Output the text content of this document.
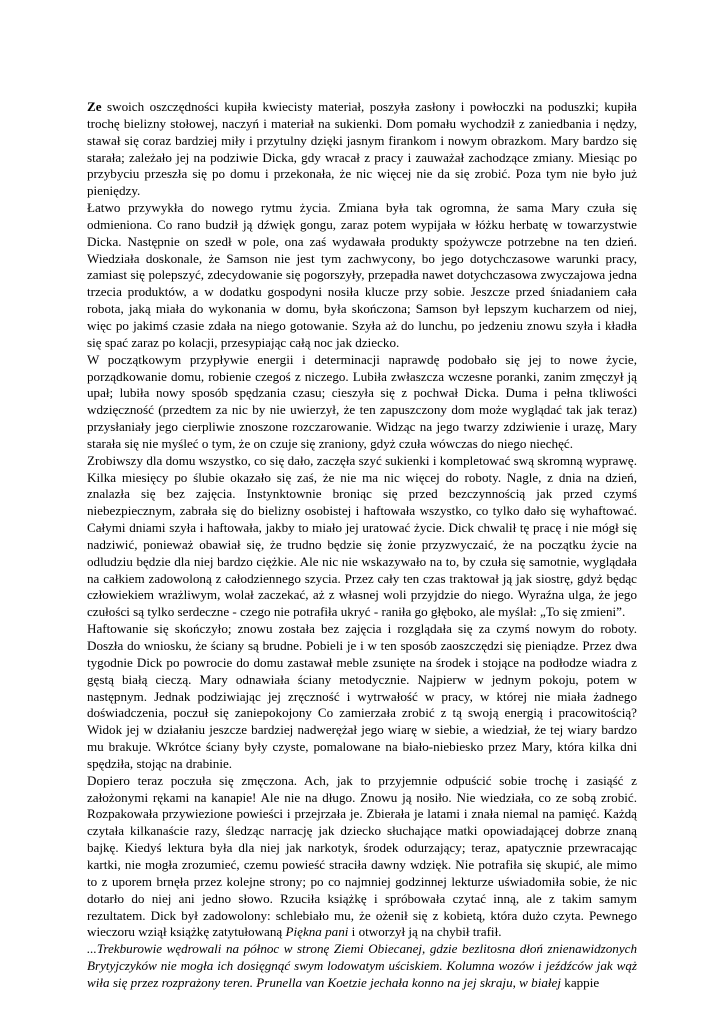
Ze swoich oszczędności kupiła kwiecisty materiał, poszyła zasłony i powłoczki na poduszki; kupiła trochę bielizny stołowej, naczyń i materiał na sukienki. Dom pomału wychodził z zaniedbania i nędzy, stawał się coraz bardziej miły i przytulny dzięki jasnym firankom i nowym obrazkom. Mary bardzo się starała; zależało jej na podziwie Dicka, gdy wracał z pracy i zauważał zachodzące zmiany. Miesiąc po przybyciu przeszła się po domu i przekonała, że nic więcej nie da się zrobić. Poza tym nie było już pieniędzy.

Łatwo przywykła do nowego rytmu życia. Zmiana była tak ogromna, że sama Mary czuła się odmieniona. Co rano budził ją dźwięk gongu, zaraz potem wypijała w łóżku herbatę w towarzystwie Dicka. Następnie on szedł w pole, ona zaś wydawała produkty spożywcze potrzebne na ten dzień. Wiedziała doskonale, że Samson nie jest tym zachwycony, bo jego dotychczasowe warunki pracy, zamiast się polepszyć, zdecydowanie się pogorszyły, przepadła nawet dotychczasowa zwyczajowa jedna trzecia produktów, a w dodatku gospodyni nosiła klucze przy sobie. Jeszcze przed śniadaniem cała robota, jaką miała do wykonania w domu, była skończona; Samson był lepszym kucharzem od niej, więc po jakimś czasie zdała na niego gotowanie. Szyła aż do lunchu, po jedzeniu znowu szyła i kładła się spać zaraz po kolacji, przesypiając całą noc jak dziecko.

W początkowym przypływie energii i determinacji naprawdę podobało się jej to nowe życie, porządkowanie domu, robienie czegoś z niczego. Lubiła zwłaszcza wczesne poranki, zanim zmęczył ją upał; lubiła nowy sposób spędzania czasu; cieszyła się z pochwał Dicka. Duma i pełna tkliwości wdzięczność (przedtem za nic by nie uwierzył, że ten zapuszczony dom może wyglądać tak jak teraz) przysłaniały jego cierpliwie znoszone rozczarowanie. Widząc na jego twarzy zdziwienie i urazę, Mary starała się nie myśleć o tym, że on czuje się zraniony, gdyż czuła wówczas do niego niechęć.

Zrobiwszy dla domu wszystko, co się dało, zaczęła szyć sukienki i kompletować swą skromną wyprawę. Kilka miesięcy po ślubie okazało się zaś, że nie ma nic więcej do roboty. Nagle, z dnia na dzień, znalazła się bez zajęcia. Instynktownie broniąc się przed bezczynnością jak przed czymś niebezpiecznym, zabrała się do bielizny osobistej i haftowała wszystko, co tylko dało się wyhaftować. Całymi dniami szyła i haftowała, jakby to miało jej uratować życie. Dick chwalił tę pracę i nie mógł się nadziwić, ponieważ obawiał się, że trudno będzie się żonie przyzwyczaić, że na początku życie na odludziu będzie dla niej bardzo ciężkie. Ale nic nie wskazywało na to, by czuła się samotnie, wyglądała na całkiem zadowoloną z całodziennego szycia. Przez cały ten czas traktował ją jak siostrę, gdyż będąc człowiekiem wrażliwym, wolał zaczekać, aż z własnej woli przyjdzie do niego. Wyraźna ulga, że jego czułości są tylko serdeczne - czego nie potrafiła ukryć - raniła go głęboko, ale myślał: „To się zmieni”.

Haftowanie się skończyło; znowu została bez zajęcia i rozglądała się za czymś nowym do roboty. Doszła do wniosku, że ściany są brudne. Pobieli je i w ten sposób zaoszczędzi się pieniądze. Przez dwa tygodnie Dick po powrocie do domu zastawał meble zsunięte na środek i stojące na podłodze wiadra z gęstą białą cieczą. Mary odnawiała ściany metodycznie. Najpierw w jednym pokoju, potem w następnym. Jednak podziwiając jej zręczność i wytrwałość w pracy, w której nie miała żadnego doświadczenia, poczuł się zaniepokojony Co zamierzała zrobić z tą swoją energią i pracowitością? Widok jej w działaniu jeszcze bardziej nadwerężał jego wiarę w siebie, a wiedział, że tej wiary bardzo mu brakuje. Wkrótce ściany były czyste, pomalowane na biało-niebiesko przez Mary, która kilka dni spędziła, stojąc na drabinie.

Dopiero teraz poczuła się zmęczona. Ach, jak to przyjemnie odpuścić sobie trochę i zasiąść z założonymi rękami na kanapie! Ale nie na długo. Znowu ją nosiło. Nie wiedziała, co ze sobą zrobić. Rozpakowała przywiezione powieści i przejrzała je. Zbierała je latami i znała niemal na pamięć. Każdą czytała kilkanaście razy, śledząc narrację jak dziecko słuchające matki opowiadającej dobrze znaną bajkę. Kiedyś lektura była dla niej jak narkotyk, środek odurzający; teraz, apatycznie przewracając kartki, nie mogła zrozumieć, czemu powieść straciła dawny wdzięk. Nie potrafiła się skupić, ale mimo to z uporem brnęła przez kolejne strony; po co najmniej godzinnej lekturze uświadomiła sobie, że nic dotarło do niej ani jedno słowo. Rzuciła książkę i spróbowała czytać inną, ale z takim samym rezultatem. Dick był zadowolony: schlebiało mu, że ożenił się z kobietą, która dużo czyta. Pewnego wieczoru wziął książkę zatytułowaną Piękna pani i otworzył ją na chybił trafił.

...Trekburowie wędrowali na północ w stronę Ziemi Obiecanej, gdzie bezlitosna dłoń znienawidzonych Brytyjczyków nie mogła ich dosięgnąć swym lodowatym uściskiem. Kolumna wozów i jeźdźców jak wąż wiła się przez rozprażony teren. Prunella van Koetzie jechała konno na jej skraju, w białej kappie
